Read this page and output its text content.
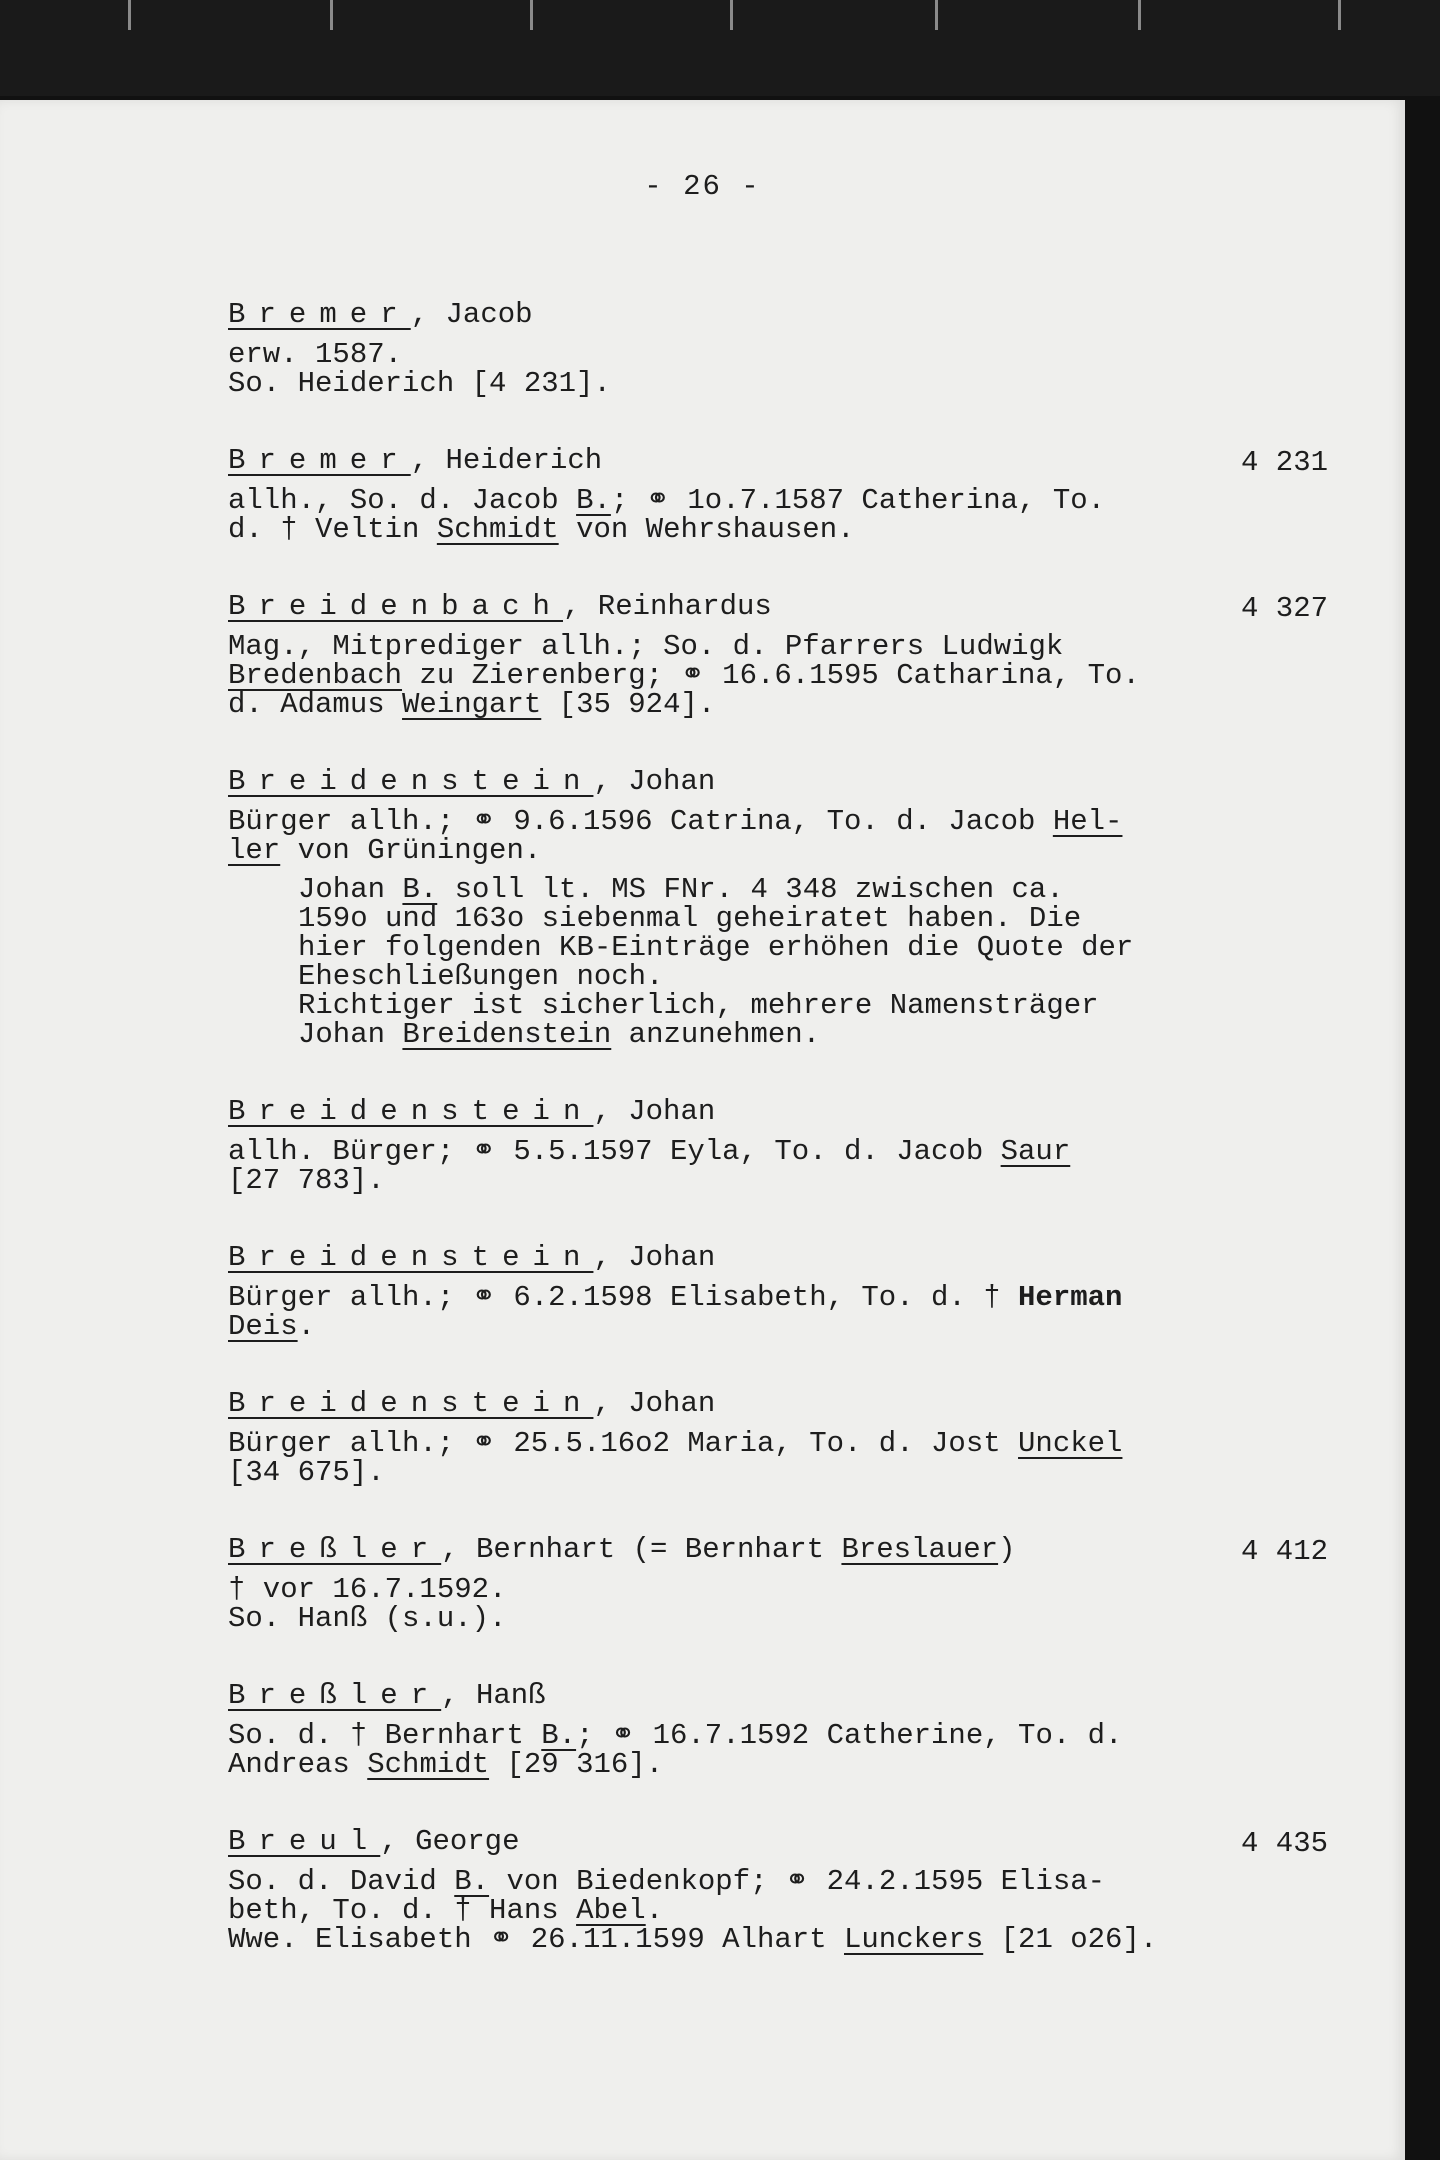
- 26 -
Bremer, Jacob
erw. 1587.
So. Heiderich [4 231].
Bremer, Heiderich	4 231
allh., So. d. Jacob B.; ⚭ 1o.7.1587 Catherina, To.
d. † Veltin Schmidt von Wehrshausen.
Breidenbach, Reinhardus	4 327
Mag., Mitprediger allh.; So. d. Pfarrers Ludwigk
Bredenbach zu Zierenberg; ⚭ 16.6.1595 Catharina, To.
d. Adamus Weingart [35 924].
Breidenstein, Johan
Bürger allh.; ⚭ 9.6.1596 Catrina, To. d. Jacob Hel-
ler von Grüningen.
Johan B. soll lt. MS FNr. 4 348 zwischen ca.
159o und 163o siebenmal geheiratet haben. Die
hier folgenden KB-Einträge erhöhen die Quote der
Eheschließungen noch.
Richtiger ist sicherlich, mehrere Namensträger
Johan Breidenstein anzunehmen.
Breidenstein, Johan
allh. Bürger; ⚭ 5.5.1597 Eyla, To. d. Jacob Saur
[27 783].
Breidenstein, Johan
Bürger allh.; ⚭ 6.2.1598 Elisabeth, To. d. † Herman
Deis.
Breidenstein, Johan
Bürger allh.; ⚭ 25.5.16o2 Maria, To. d. Jost Unckel
[34 675].
Breßler, Bernhart (= Bernhart Breslauer)	4 412
† vor 16.7.1592.
So. Hanß (s.u.).
Breßler, Hanß
So. d. † Bernhart B.; ⚭ 16.7.1592 Catherine, To. d.
Andreas Schmidt [29 316].
Breul, George	4 435
So. d. David B. von Biedenkopf; ⚭ 24.2.1595 Elisa-
beth, To. d. † Hans Abel.
Wwe. Elisabeth ⚭ 26.11.1599 Alhart Lunckers [21 o26].
